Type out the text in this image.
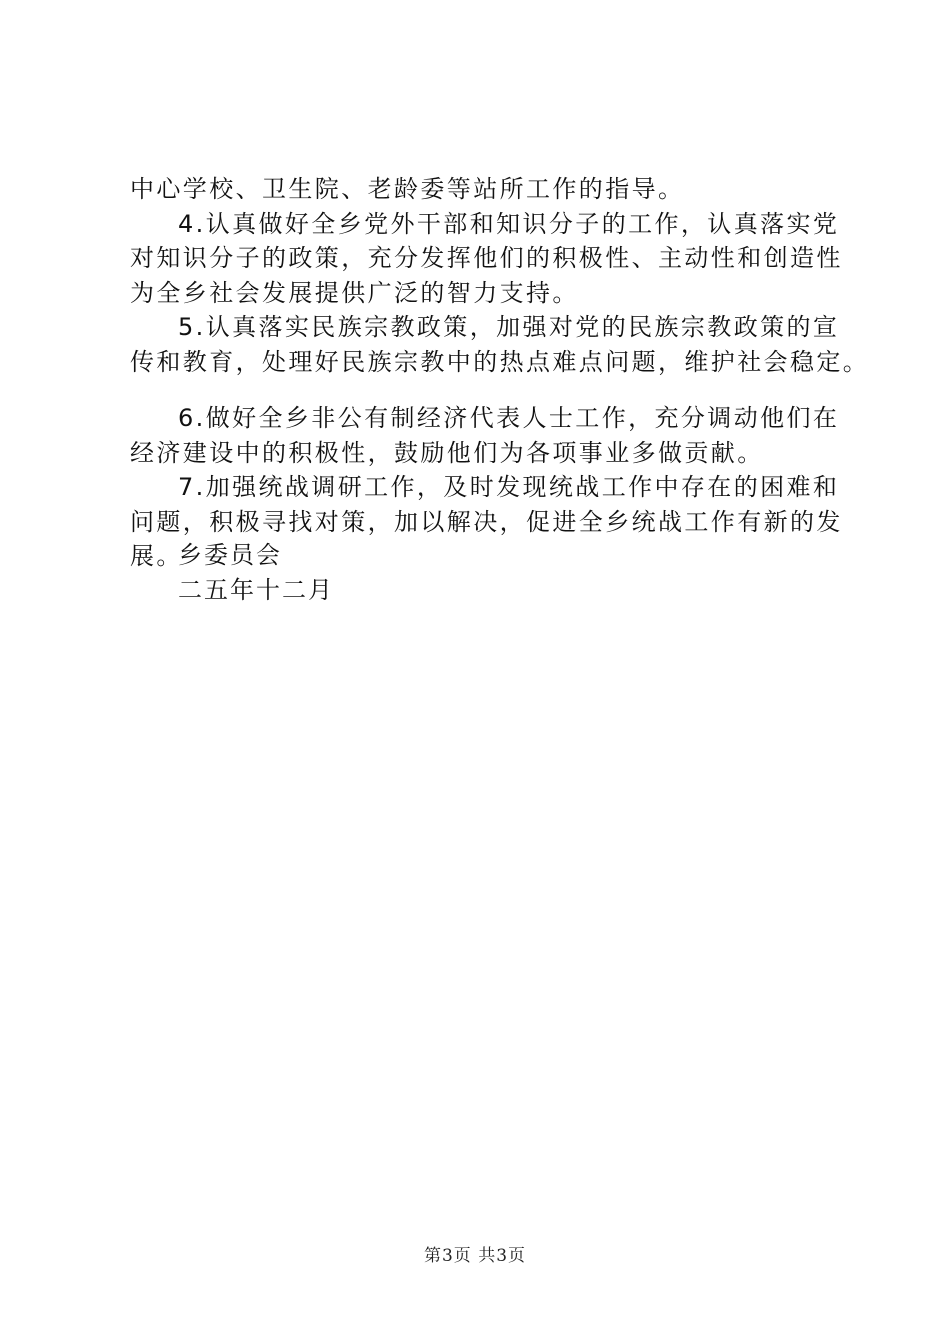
中心学校、卫生院、老龄委等站所工作的指导。
4.认真做好全乡党外干部和知识分子的工作，认真落实党
对知识分子的政策，充分发挥他们的积极性、主动性和创造性
为全乡社会发展提供广泛的智力支持。
5.认真落实民族宗教政策，加强对党的民族宗教政策的宣
传和教育，处理好民族宗教中的热点难点问题，维护社会稳定。
6.做好全乡非公有制经济代表人士工作，充分调动他们在
经济建设中的积极性，鼓励他们为各项事业多做贡献。
7.加强统战调研工作，及时发现统战工作中存在的困难和
问题，积极寻找对策，加以解决，促进全乡统战工作有新的发
展。
乡委员会
二五年十二月
第3页 共3页
